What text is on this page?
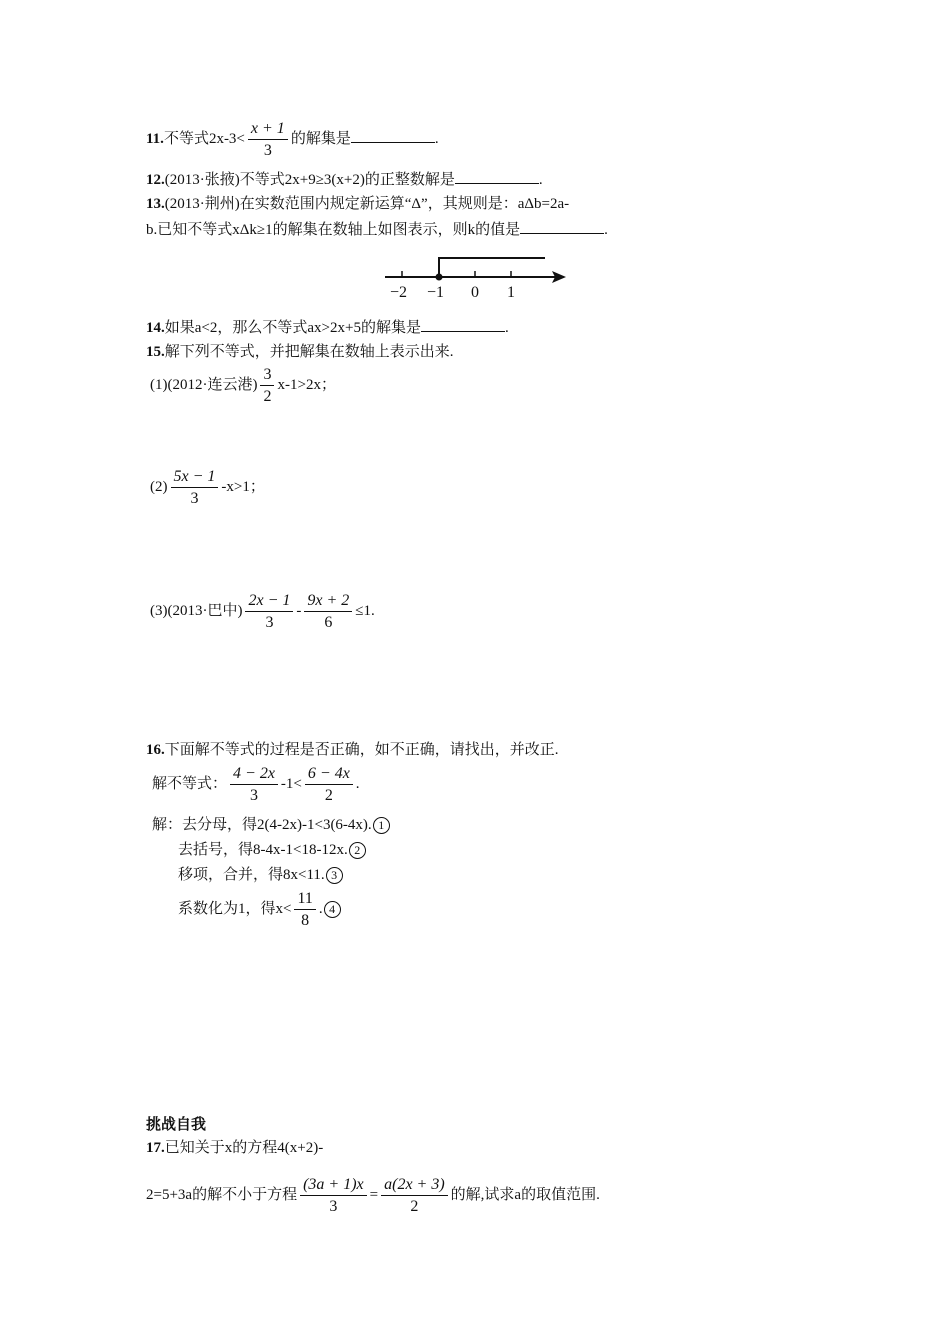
11.不等式$2x-3< \frac{x + 1}{3}$ 的解集是	.
12.(2013·张掖)不等式2x+9≥3(x+2)的正整数解是	.
13.(2013·荆州)在实数范围内规定新运算“Δ”，其规则是：aΔb=2a-
b.已知不等式xΔk≥1的解集在数轴上如图表示，则k的值是	.
−2 −1 0 1
14.如果a<2，那么不等式ax>2x+5的解集是	.
15.解下列不等式，并把解集在数轴上表示出来.
(1)(2012·连云港) $\frac{3}{2} x-1>2x$；
$(2) \frac{5x - 1}{3} -x>1$；
(3)(2013·巴中) $\frac{2x - 1}{3} - \frac{9x + 2}{6} \le 1$.
16.下面解不等式的过程是否正确，如不正确，请找出，并改正.
解不等式： $\frac{4 - 2x}{3} -1< \frac{6 - 4x}{2}$ .
解：去分母，得2(4-2x)-1<3(6-4x). 1
去括号，得8-4x-1<18-12x. 2
移项，合并，得8x<11. 3
系数化为1，得$x< \frac{11}{8}$ . 4
挑战自我
17.已知关于x的方程4(x+2)-
2=5+3a的解不小于方程 $\frac{(3a + 1)x}{3} = \frac{a(2x + 3)}{2}$ 的解,试求a的取值范围.
